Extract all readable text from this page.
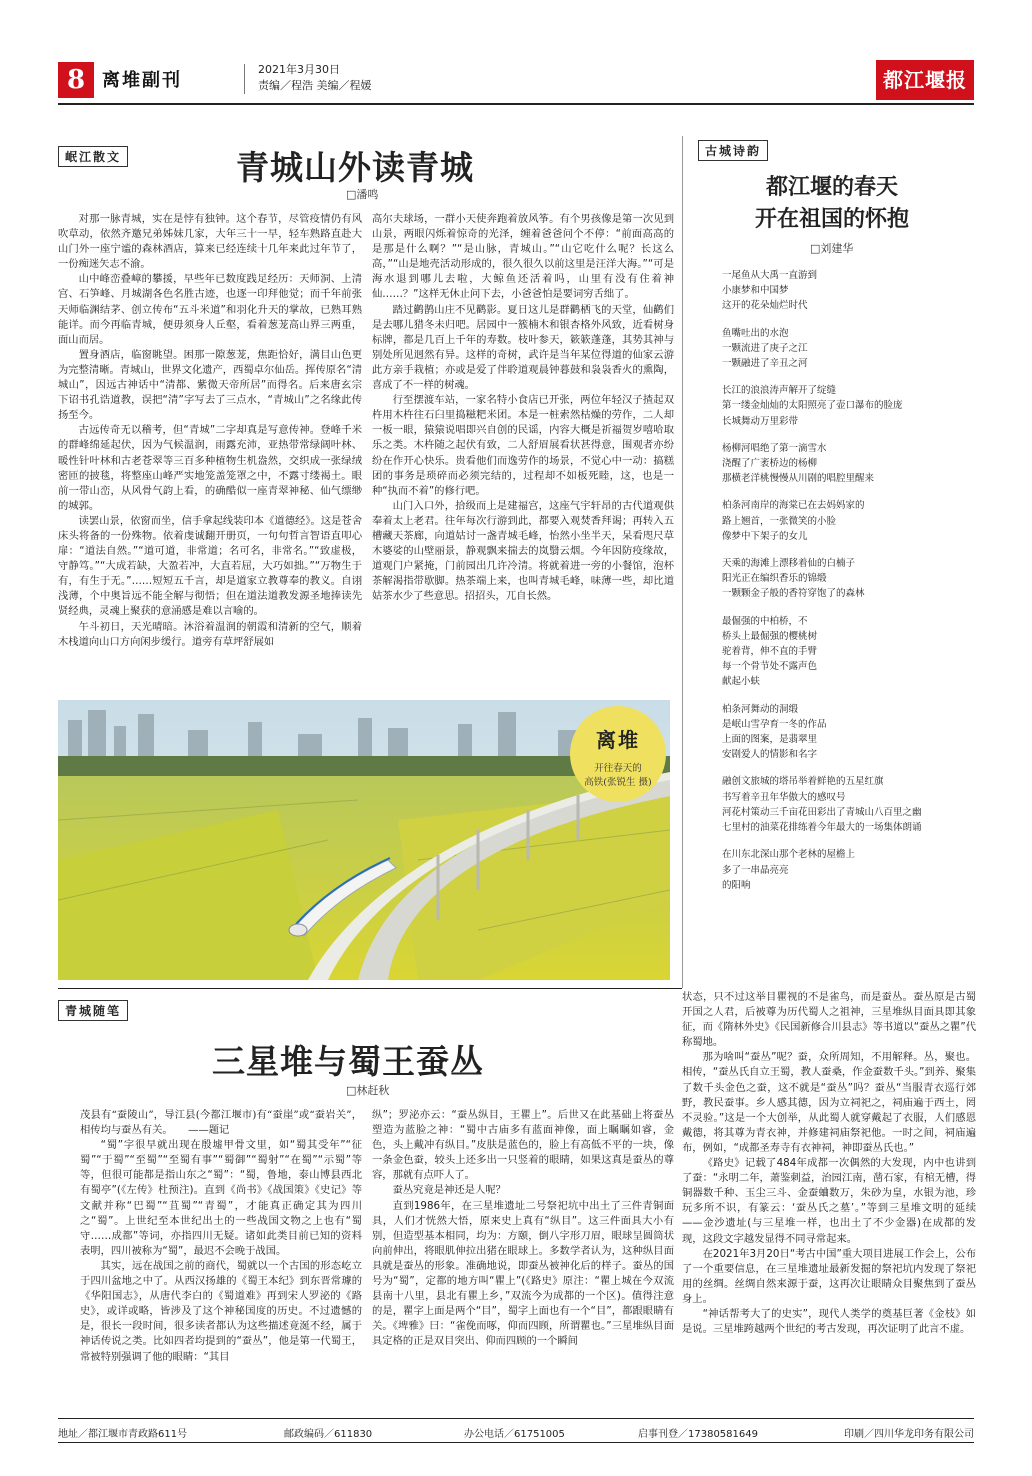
8 离堆副刊
2021年3月30日
责编／程浩 美编／程媛	都江堰报
岷江散文	青城山外读青城
□潘鸣

对那一脉青城，实在是悖有独钟。这个春节，尽管疫情仍有风吹草动，依然齐邀兄弟姊妹几家，大年三十一早，轻车熟路直赴大山门外一座宁谧的森林酒店，算来已经连续十几年来此过年节了，一份痴迷矢志不渝。

山中峰峦叠嶂的攀援，早些年已数度践足经历：天师洞、上清宫、石笋峰、月城湖各色名胜古迹，也逐一印拜他觉；而千年前张天师临渊结茅、创立传布“五斗米道”和羽化升天的掌故，已熟耳熟能详。而今再临青城，便毋须身人丘壑，看着葱茏高山界三两重，面山而居。

置身酒店，临窗眺望。困那一隙葱茏，焦距恰好，满目山色更为完整清晰。青城山，世界文化遗产，西蜀卓尔仙岳。挥传原名“清城山”，因远古神话中“清都、紫微天帝所居”而得名。后来唐玄宗下诏书孔诰道教，误把“清”字写去了三点水，“青城山”之名缘此传扬至今。

古远传奇无以稽考，但“青城”二字却真是写意传神。登峰千米的群峰绵延起伏，因为气候温润，雨露充沛，亚热带常绿阔叶林、暖性针叶林和古老苍翠等三百多种植物生机盎然，交织成一张绿绒密匝的披毯，将整座山峰严实地笼盖笼罩之中，不露寸缕褐土。眼前一带山峦，从风骨气韵上看，的确酷似一座青翠神秘、仙气缥缈的城郭。

读罢山景，依窗而坐，信手拿起线装印本《道德经》。这是苍舍床头将备的一份殊物。依着虔诚翻开册页，一句句哲言智语直叩心扉：“道法自然。”“道可道，非常道；名可名，非常名。”“致虚极，守静笃。”“大成若缺，大盈若冲，大直若屈，大巧如拙。”“万物生于有，有生于无。”……短短五千言，却是道家立教尊奉的教义。自诩浅薄，个中奥旨远不能全解与彻悟；但在道法道教发源圣地捧读先贤经典，灵魂上聚获的意涌感是难以言喻的。

午斗初日，天光晴暗。沐浴着温润的朝霞和清新的空气，顺着木栈道向山口方向闲步缓行。道旁有草坪舒展如

高尔夫球场，一群小天使奔跑着放风筝。有个男孩像是第一次见到山景，两眼闪烁着惊奇的光泽，缠着爸爸问个不停：“前面高高的是那是什么啊？”“是山脉，青城山。”“山它吃什么呢？长这么高，”“山是地壳活动形成的，很久很久以前这里是汪洋大海。”“可是海水退到哪儿去啦，大鲸鱼还活着吗，山里有没有住着神仙……？”这样无休止问下去，小爸爸怕是要词穷舌绌了。

踏过鹳鹊山庄不见鹳影。夏日这儿是群鹳栖飞的天堂，仙鹳们是去哪儿猎冬未归吧。居园中一簇楠木和银杏格外风致，近看树身标牌，都是几百上千年的寿数。枝叶参天，簌簌蓬蓬，其势其神与别处所见迥然有异。这样的奇树，武许是当年某位得道的仙家云游此方亲手栽植；亦或是爱了伴聆道观晨钟暮鼓和袅袅香火的熏陶，喜成了不一样的树魂。

行至摆渡车站，一家名特小食店已开张，两位年轻汉子揸起双杵用木杵往石臼里捣糍粑米团。本是一桩索然枯燥的劳作，二人却一板一眼，猿猿说唱即兴自创的民谣，内容大概是祈福贺岁嘻哈取乐之类。木杵随之起伏有致，二人舒眉展看状甚得意，围观者亦纷纷在作开心快乐。贵看他们而逸劳作的场景，不觉心中一动：搞糕团的事务是琐碎而必须完结的，过程却不如板死睦，这，也是一种“执而不着”的修行吧。

山门入口外，拾级而上是建福宫，这座气宇轩昂的古代道观供奉着太上老君。往年每次行游到此，都要入观焚香拜谒；再转入五槽藏天茶廊，向道姑讨一盏青城毛峰，怡然小坐半天，呆看咫尺草木婆娑的山壁丽景，静观飘来揣去的岚翳云烟。今年因防疫缘故，道观门户紧掩，门前园出几许冷清。将就着进一旁的小餐馆，泡杯茶解渴指带歇脚。热茶端上来，也叫青城毛峰，味薄一些，却比道姑茶水少了些意思。招招头，兀自长然。

古城诗韵
都江堰的春天
开在祖国的怀抱
□刘建华
一尾鱼从大禹一直游到
小康梦和中国梦
这开的花朵灿烂时代
鱼嘴吐出的水泡
一颗流进了庚子之江
一颗融进了辛丑之河
长江的浪浪涛声解开了绽缝
第一缕金灿灿的太阳照亮了壶口瀑布的脸庞
长城舞动万里彩带
杨柳河唱绝了第一滴雪水
浇醒了广袤桥边的杨柳
那横老洋桃慢慢从川剧的唱腔里醒来
柏条河南岸的海棠已在去妈妈家的
路上翘首，一张微笑的小脸
像梦中下架子的女儿
天乘的海滩上漂移着仙的白楠子
阳光正在编织香乐的锦缎
一颗颗金子般的香符穿饱了的森林
最倔强的中柏桥，不
桥头上最倔强的樱桃树
驼着背，伸不直的手臂
每一个骨节处不露声色
献起小蚨
柏条河舞动的洞缎
是岷山雪孕育一冬的作品
上面的图案，是翡翠里
安剧爱人的情影和名字
融创文旅城的塔吊举着鲜艳的五星红旗
书写着辛丑年华傲大的感叹号
河花村策动三千亩花田彩出了青城山八百里之幽
七里村的油菜花排练着今年最大的一场集体朗诵
在川东北深山那个老林的屋檐上
多了一串晶亮亮
的阳响
离堆
开往春天的
高铁(张锐生 摄)
青城随笔
三星堆与蜀王蚕丛
□林赶秋

茂县有“蚕陵山”，导江县(今都江堰市)有“蚕崖”或“蚕岩关”，相传均与蚕丛有关。　　——题记

“蜀”字很早就出现在殷墟甲骨文里，如“蜀其受年”“征蜀”“于蜀”“至蜀”“至蜀有事”“蜀御”“蜀射”“在蜀”“示蜀”等等，但很可能都是指山东之“蜀”：“蜀，鲁地，泰山博县西北有蜀亭”(《左传》杜预注)。直到《尚书》《战国策》《史记》等文献并称“巴蜀”“苴蜀”“青蜀”，才能真正确定其为四川之“蜀”。上世纪至本世纪出土的一些战国文物之上也有“蜀守……成都”等词，亦指四川无疑。诸如此类目前已知的资料表明，四川被称为“蜀”，最迟不会晚于战国。

其实，远在战国之前的商代，蜀就以一个古国的形态屹立于四川盆地之中了。从西汉扬雄的《蜀王本纪》到东晋常璩的《华阳国志》，从唐代李白的《蜀道难》再到宋人罗泌的《路史》，或详或略，皆涉及了这个神秘国度的历史。不过遗憾的是，很长一段时间，很多读者都认为这些描述竟涎不经，属于神话传说之类。比如四者均提到的“蚕丛”，他是第一代蜀王，常被特别强调了他的眼睛：“其目

纵”；罗泌亦云：“蚕丛纵目，王瞿上”。后世又在此基础上将蚕丛塑造为蓝脸之神：“蜀中古庙多有蓝面神像，面上瞩瞩如睿，金色，头上戴冲有纵目。”皮肤是蓝色的，脸上有高低不平的一块，像一条金色蚕，较头上还多出一只竖着的眼睛，如果这真是蚕丛的尊容，那就有点吓人了。

蚕丛究竟是神还是人呢？

直到1986年，在三星堆遗址二号祭祀坑中出土了三件青铜面具，人们才恍然大悟，原来史上真有“纵目”。这三件面具大小有别，但造型基本相同，均为：方颐，倒八字形刀眉，眼球呈圆筒状向前伸出，将眼肌伸拉出猪在眼球上。多数学者认为，这种纵目面具就是蚕丛的形象。准确地说，即蚕丛被神化后的样子。蚕丛的国号为“蜀”，定都的地方叫“瞿上”(《路史》原注：“瞿上城在今双流县南十八里，县北有瞿上乡，”双流今为成都的一个区)。值得注意的是，瞿字上面是两个“目”，蜀字上面也有一个“目”，都跟眼睛有关。《埤雅》曰：“雀俛而啄，仰而四顾，所谓瞿也。”三星堆纵目面具定格的正是双目突出、仰而四顾的一个瞬间

状态，只不过这举目瞿视的不是雀鸟，而是蚕丛。蚕丛原是古蜀开国之人君，后被尊为历代蜀人之祖神，三星堆纵目面具即其象征，而《隋林外史》《民国新修合川县志》等书道以“蚕丛之瞿”代称蜀地。

那为啥叫“蚕丛”呢？蚕，众所周知，不用解释。丛，聚也。相传，“蚕丛氏自立王蜀，教人蚕桑，作金蚕数千头。”到养、聚集了数千头金色之蚕，这不就是“蚕丛”吗？蚕丛“当服青衣巡行郊野，教民蚕事。乡人感其德，因为立祠祀之，祠庙遍于西土，罔不灵验。”这是一个大创举，从此蜀人就穿戴起了衣服，人们感恩戴德，将其尊为青衣神，并修建祠庙祭祀他。一时之间，祠庙遍布，例如，“成都圣寿寺有衣神祠，神即蚕丛氏也。”

《路史》记载了484年成都一次偶然的大发现，内中也讲到了蚕：“永明二年，萧鉴刺益，治园江南，凿石家，有棺无槽，得铜器数千种、玉尘三斗、金蚕蛐数万，朱砂为皇，水银为池，珍玩多所不识，有篆云：‘蚕丛氏之墓’。”等到三星堆文明的延续——金沙遗址(与三星堆一样，也出土了不少金器)在成都的发现，这段文字越发显得不同寻常起来。

在2021年3月20日“考古中国”重大项目进展工作会上，公布了一个重要信息，在三星堆遗址最新发掘的祭祀坑内发现了祭祀用的丝绸。丝绸自然来源于蚕，这再次让眼睛众目聚焦到了蚕丛身上。

“神话帮考大了的史实”，现代人类学的奠基巨著《金枝》如是说。三星堆跨越两个世纪的考古发现，再次证明了此言不虚。

地址／都江堰市青政路611号	邮政编码／611830	办公电话／61751005	启事刊登／17380581649	印刷／四川华龙印务有限公司
